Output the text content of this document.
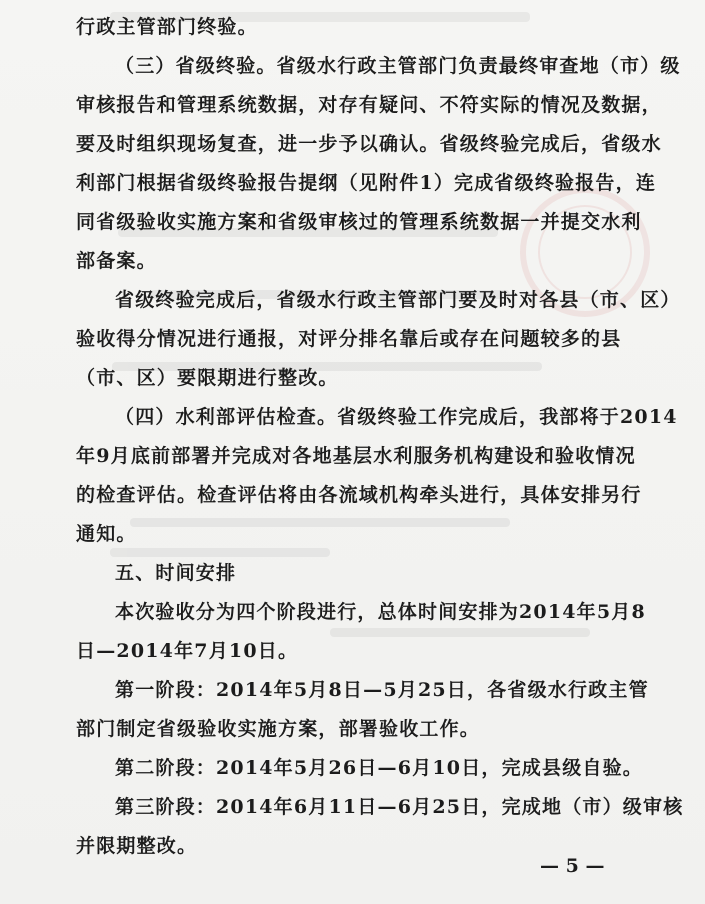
行政主管部门终验。
（三）省级终验。省级水行政主管部门负责最终审查地（市）级
审核报告和管理系统数据，对存有疑问、不符实际的情况及数据，
要及时组织现场复查，进一步予以确认。省级终验完成后，省级水
利部门根据省级终验报告提纲（见附件1）完成省级终验报告，连
同省级验收实施方案和省级审核过的管理系统数据一并提交水利
部备案。
省级终验完成后，省级水行政主管部门要及时对各县（市、区）
验收得分情况进行通报，对评分排名靠后或存在问题较多的县
（市、区）要限期进行整改。
（四）水利部评估检查。省级终验工作完成后，我部将于2014
年9月底前部署并完成对各地基层水利服务机构建设和验收情况
的检查评估。检查评估将由各流域机构牵头进行，具体安排另行
通知。
五、时间安排
本次验收分为四个阶段进行，总体时间安排为2014年5月8
日—2014年7月10日。
第一阶段：2014年5月8日—5月25日，各省级水行政主管
部门制定省级验收实施方案，部署验收工作。
第二阶段：2014年5月26日—6月10日，完成县级自验。
第三阶段：2014年6月11日—6月25日，完成地（市）级审核
并限期整改。
— 5 —
